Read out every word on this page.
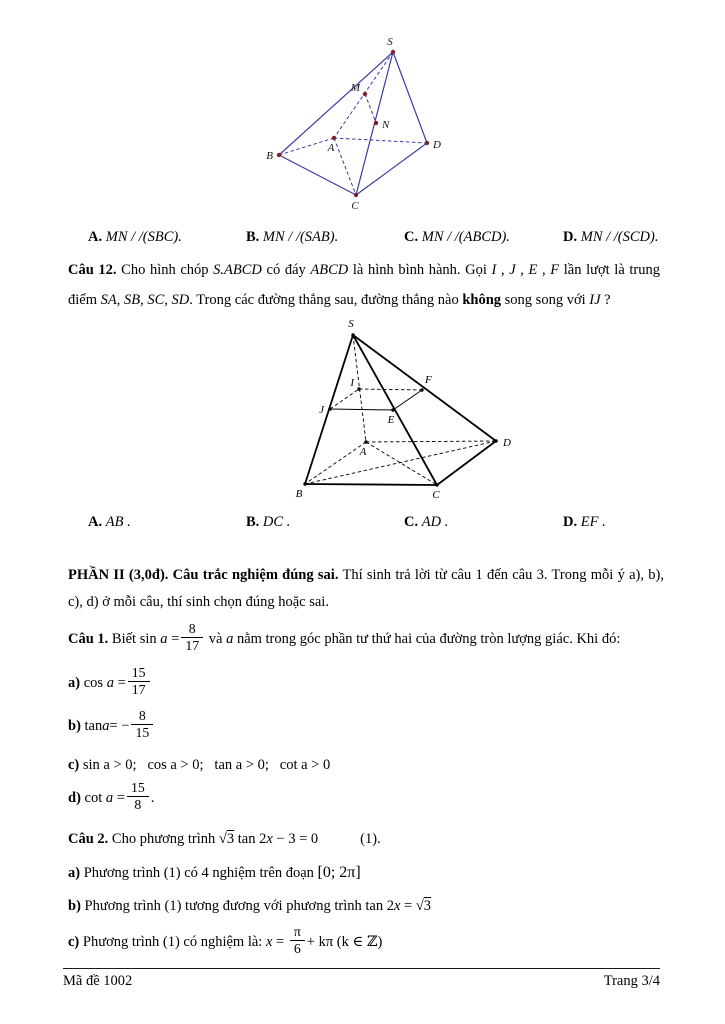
S
M
N
A
B
C
D
A. MN / /(SBC).	B. MN / /(SAB).	C. MN / /(ABCD).	D. MN / /(SCD).
Câu 12. Cho hình chóp S.ABCD có đáy ABCD là hình bình hành. Gọi I , J , E , F lần lượt là trung điểm SA, SB, SC, SD. Trong các đường thẳng sau, đường thẳng nào không song song với IJ ?
S
J
I
E
F
A
B	C
D
A. AB .	B. DC .	C. AD .	D. EF .
PHẦN II (3,0đ). Câu trắc nghiệm đúng sai. Thí sinh trả lời từ câu 1 đến câu 3. Trong mỗi ý a), b), c), d) ở mỗi câu, thí sinh chọn đúng hoặc sai.
Câu 1. Biết $\sin a = \frac{8}{17}$ và a nằm trong góc phần tư thứ hai của đường tròn lượng giác. Khi đó:
a) $\cos a = \frac{15}{17}$
b) $\tan a= - \frac{8}{15}$
c) sin a > 0;   cos a > 0;   tan a > 0;   cot a > 0
d) $\cot a = \frac{15}{8}$ .
Câu 2. Cho phương trình √3 tan 2x − 3 = 0	(1).
a) Phương trình (1) có 4 nghiệm trên đoạn [0; 2π]
b) Phương trình (1) tương đương với phương trình tan 2x = √3
c) Phương trình (1) có nghiệm là: $x = \frac{\pi}{6} + k\pi$ (k ∈ ℤ)
Mã đề 1002	Trang 3/4
